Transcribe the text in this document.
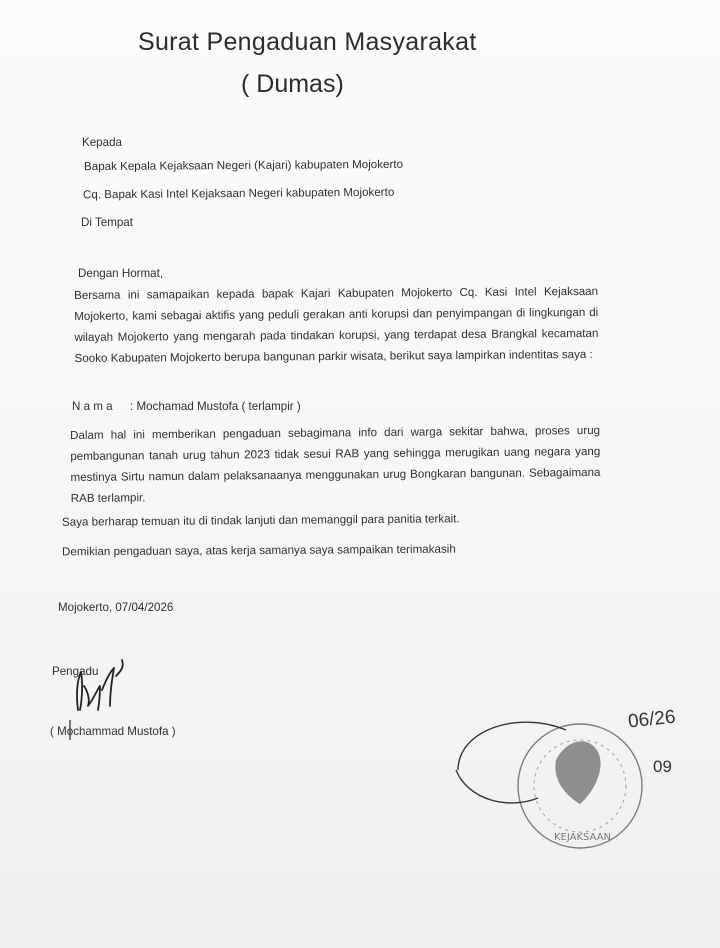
Surat Pengaduan Masyarakat
( Dumas)
Kepada
Bapak Kepala Kejaksaan Negeri (Kajari) kabupaten Mojokerto
Cq. Bapak Kasi Intel Kejaksaan Negeri kabupaten Mojokerto
Di Tempat
Dengan Hormat,
Bersama ini samapaikan kepada bapak Kajari Kabupaten Mojokerto Cq. Kasi Intel Kejaksaan Mojokerto, kami sebagai aktifis yang peduli gerakan anti korupsi dan penyimpangan di lingkungan di wilayah Mojokerto yang mengarah pada tindakan korupsi, yang terdapat desa Brangkal kecamatan Sooko Kabupaten Mojokerto berupa bangunan parkir wisata, berikut saya lampirkan indentitas saya :
N a m a : Mochamad Mustofa ( terlampir )
Dalam hal ini memberikan pengaduan sebagimana info dari warga sekitar bahwa, proses urug pembangunan tanah urug tahun 2023 tidak sesui RAB yang sehingga merugikan uang negara yang mestinya Sirtu namun dalam pelaksanaanya menggunakan urug Bongkaran bangunan. Sebagaimana RAB terlampir.
Saya berharap temuan itu di tindak lanjuti dan memanggil para panitia terkait.
Demikian pengaduan saya, atas kerja samanya saya sampaikan terimakasih
Mojokerto, 07/04/2026
Pengadu
( Mochammad Mustofa )
KEJAKSAAN
06/26
09
